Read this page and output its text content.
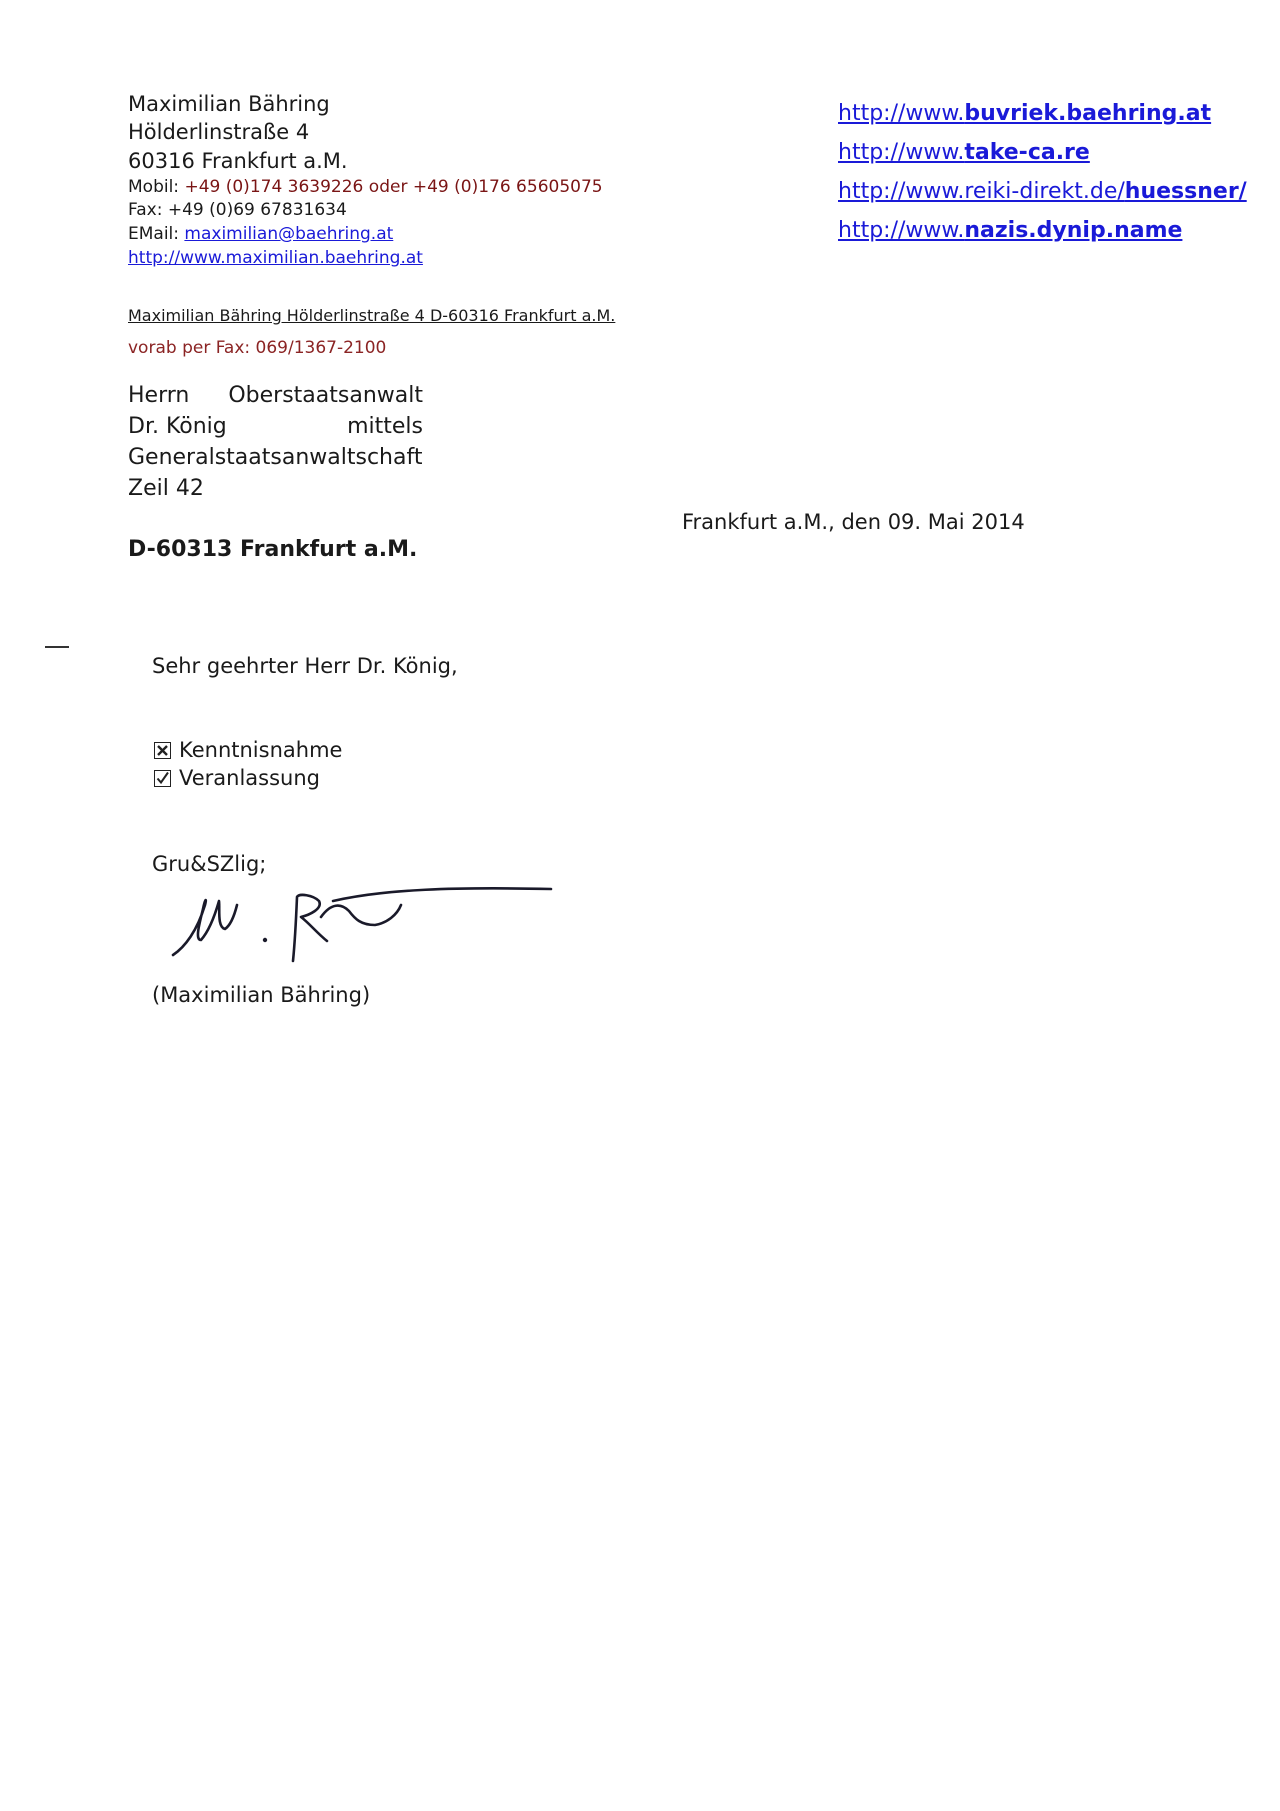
Maximilian Bähring
Hölderlinstraße 4
60316 Frankfurt a.M.
Mobil: +49 (0)174 3639226 oder +49 (0)176 65605075
Fax: +49 (0)69 67831634
EMail: maximilian@baehring.at
http://www.maximilian.baehring.at
http://www.buvriek.baehring.at
http://www.take-ca.re
http://www.reiki-direkt.de/huessner/
http://www.nazis.dynip.name
Maximilian Bähring Hölderlinstraße 4 D-60316 Frankfurt a.M.
vorab per Fax: 069/1367-2100
Herrn Oberstaatsanwalt
Dr. König	mittels
Generalstaatsanwaltschaft
Zeil 42
Frankfurt a.M., den 09. Mai 2014
D-60313 Frankfurt a.M.
Sehr geehrter Herr Dr. König,
Kenntnisnahme
Veranlassung
Gru&SZlig;
(Maximilian Bähring)
